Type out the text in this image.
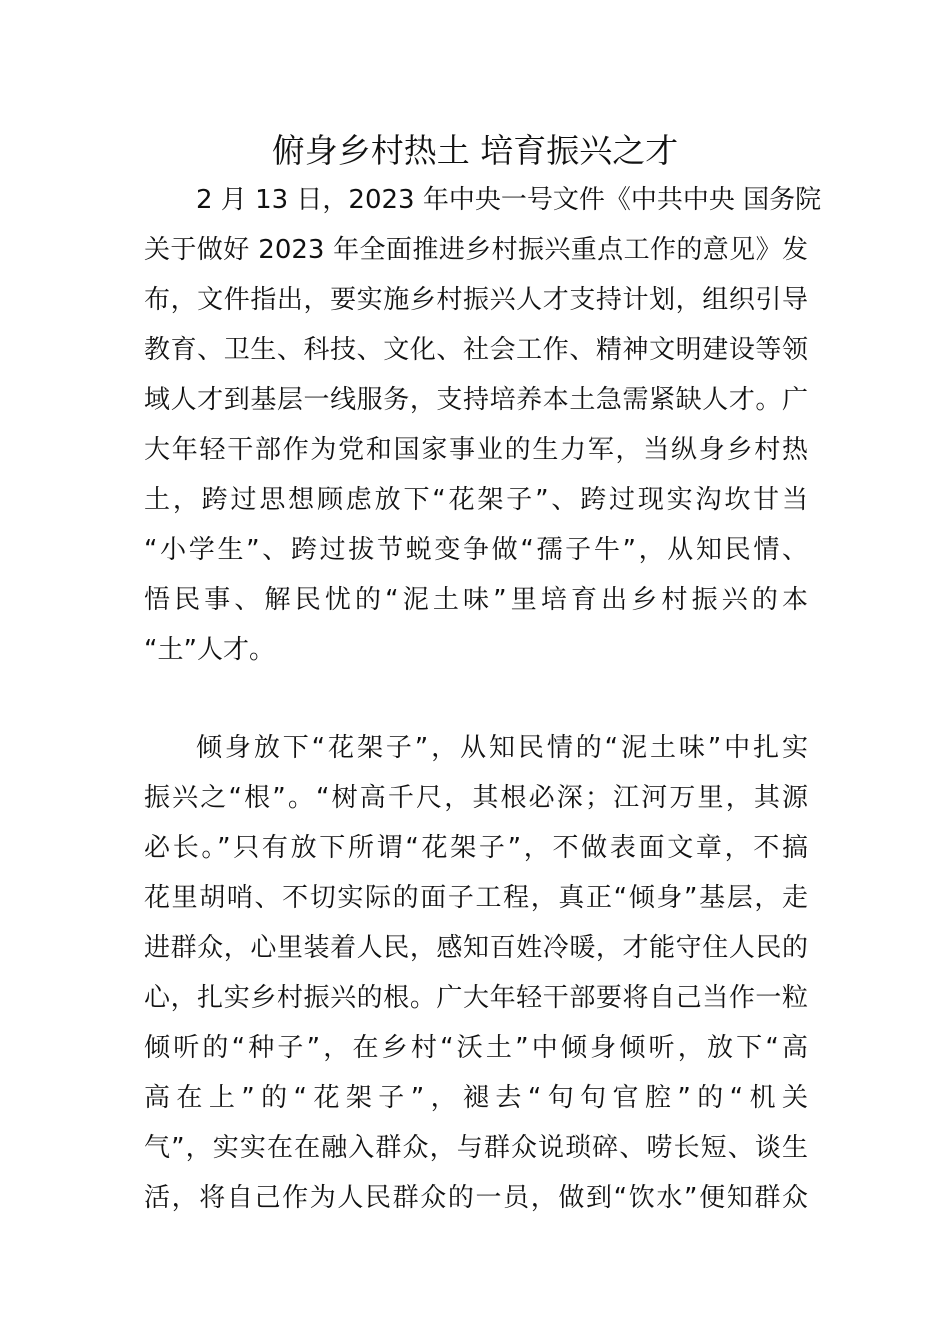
俯身乡村热土 培育振兴之才
2 月 13 日，2023 年中央一号文件《中共中央 国务院
关于做好 2023 年全面推进乡村振兴重点工作的意见》发
布，文件指出，要实施乡村振兴人才支持计划，组织引导
教育、卫生、科技、文化、社会工作、精神文明建设等领
域人才到基层一线服务，支持培养本土急需紧缺人才。广
大年轻干部作为党和国家事业的生力军，当纵身乡村热
土，跨过思想顾虑放下“花架子”、跨过现实沟坎甘当
“小学生”、跨过拔节蜕变争做“孺子牛”，从知民情、
悟民事、解民忧的“泥土味”里培育出乡村振兴的本
“土”人才。
倾身放下“花架子”，从知民情的“泥土味”中扎实
振兴之“根”。“树高千尺，其根必深；江河万里，其源
必长。”只有放下所谓“花架子”，不做表面文章，不搞
花里胡哨、不切实际的面子工程，真正“倾身”基层，走
进群众，心里装着人民，感知百姓冷暖，才能守住人民的
心，扎实乡村振兴的根。广大年轻干部要将自己当作一粒
倾听的“种子”，在乡村“沃土”中倾身倾听，放下“高
高在上”的“花架子”，褪去“句句官腔”的“机关
气”，实实在在融入群众，与群众说琐碎、唠长短、谈生
活，将自己作为人民群众的一员，做到“饮水”便知群众
